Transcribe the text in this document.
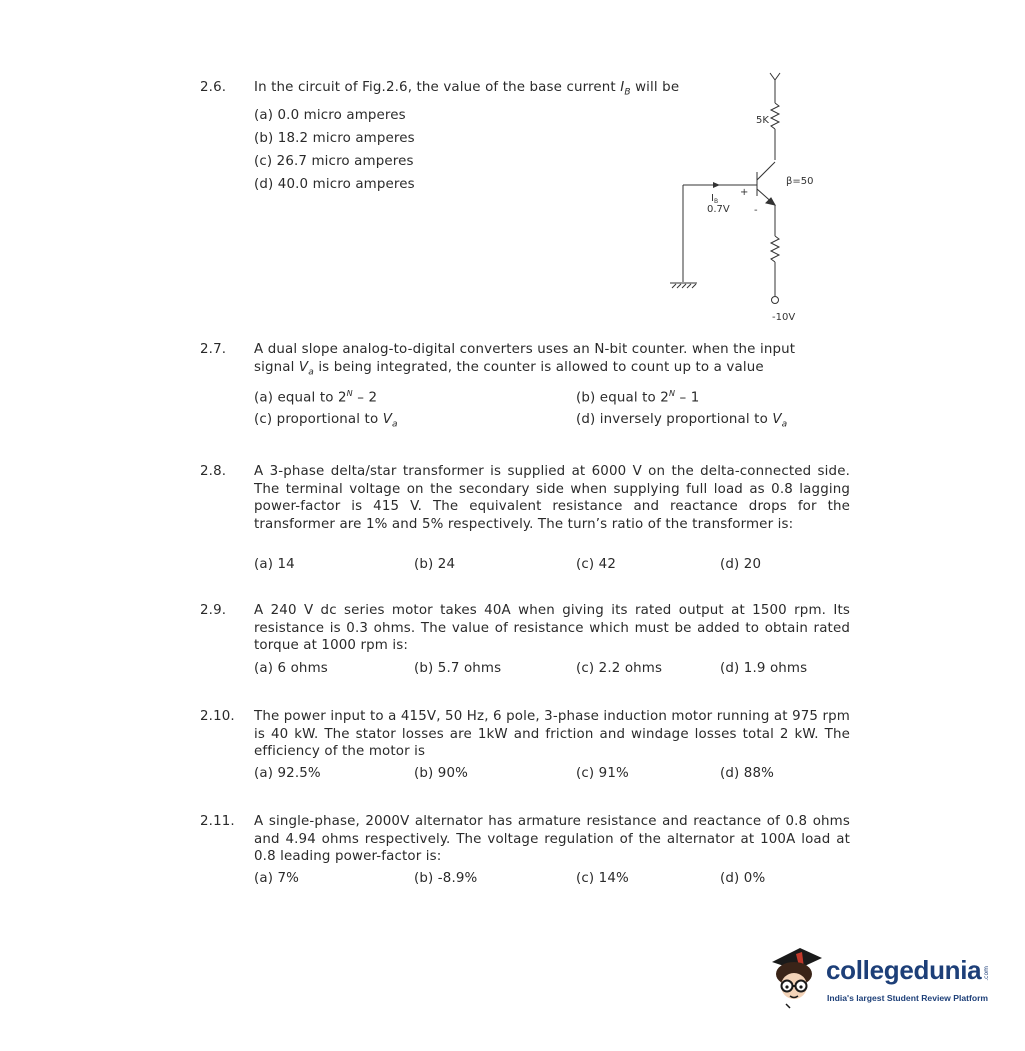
2.6. In the circuit of Fig.2.6, the value of the base current $I_B$ will be
(a) 0.0 micro amperes
(b) 18.2 micro amperes
(c) 26.7 micro amperes
(d) 40.0 micro amperes
5K
β=50
$I_B$
0.7V
+
-
-10V
2.7. A dual slope analog-to-digital converters uses an N-bit counter. when the input
signal $V_a$ is being integrated, the counter is allowed to count up to a value
(a) equal to $2^N - 2$	(b) equal to $2^N - 1$
(c) proportional to $V_a$	(d) inversely proportional to $V_a$
2.8. A 3-phase delta/star transformer is supplied at 6000 V on the delta-connected side. The terminal voltage on the secondary side when supplying full load as 0.8 lagging power-factor is 415 V. The equivalent resistance and reactance drops for the transformer are 1% and 5% respectively. The turn’s ratio of the transformer is:
(a) 14	(b) 24	(c) 42	(d) 20
2.9. A 240 V dc series motor takes 40A when giving its rated output at 1500 rpm. Its resistance is 0.3 ohms. The value of resistance which must be added to obtain rated torque at 1000 rpm is:
(a) 6 ohms	(b) 5.7 ohms	(c) 2.2 ohms	(d) 1.9 ohms
2.10. The power input to a 415V, 50 Hz, 6 pole, 3-phase induction motor running at 975 rpm is 40 kW. The stator losses are 1kW and friction and windage losses total 2 kW. The efficiency of the motor is
(a) 92.5%	(b) 90%	(c) 91%	(d) 88%
2.11. A single-phase, 2000V alternator has armature resistance and reactance of 0.8 ohms and 4.94 ohms respectively. The voltage regulation of the alternator at 100A load at 0.8 leading power-factor is:
(a) 7%	(b) -8.9%	(c) 14%	(d) 0%
collegedunia .com
India's largest Student Review Platform
